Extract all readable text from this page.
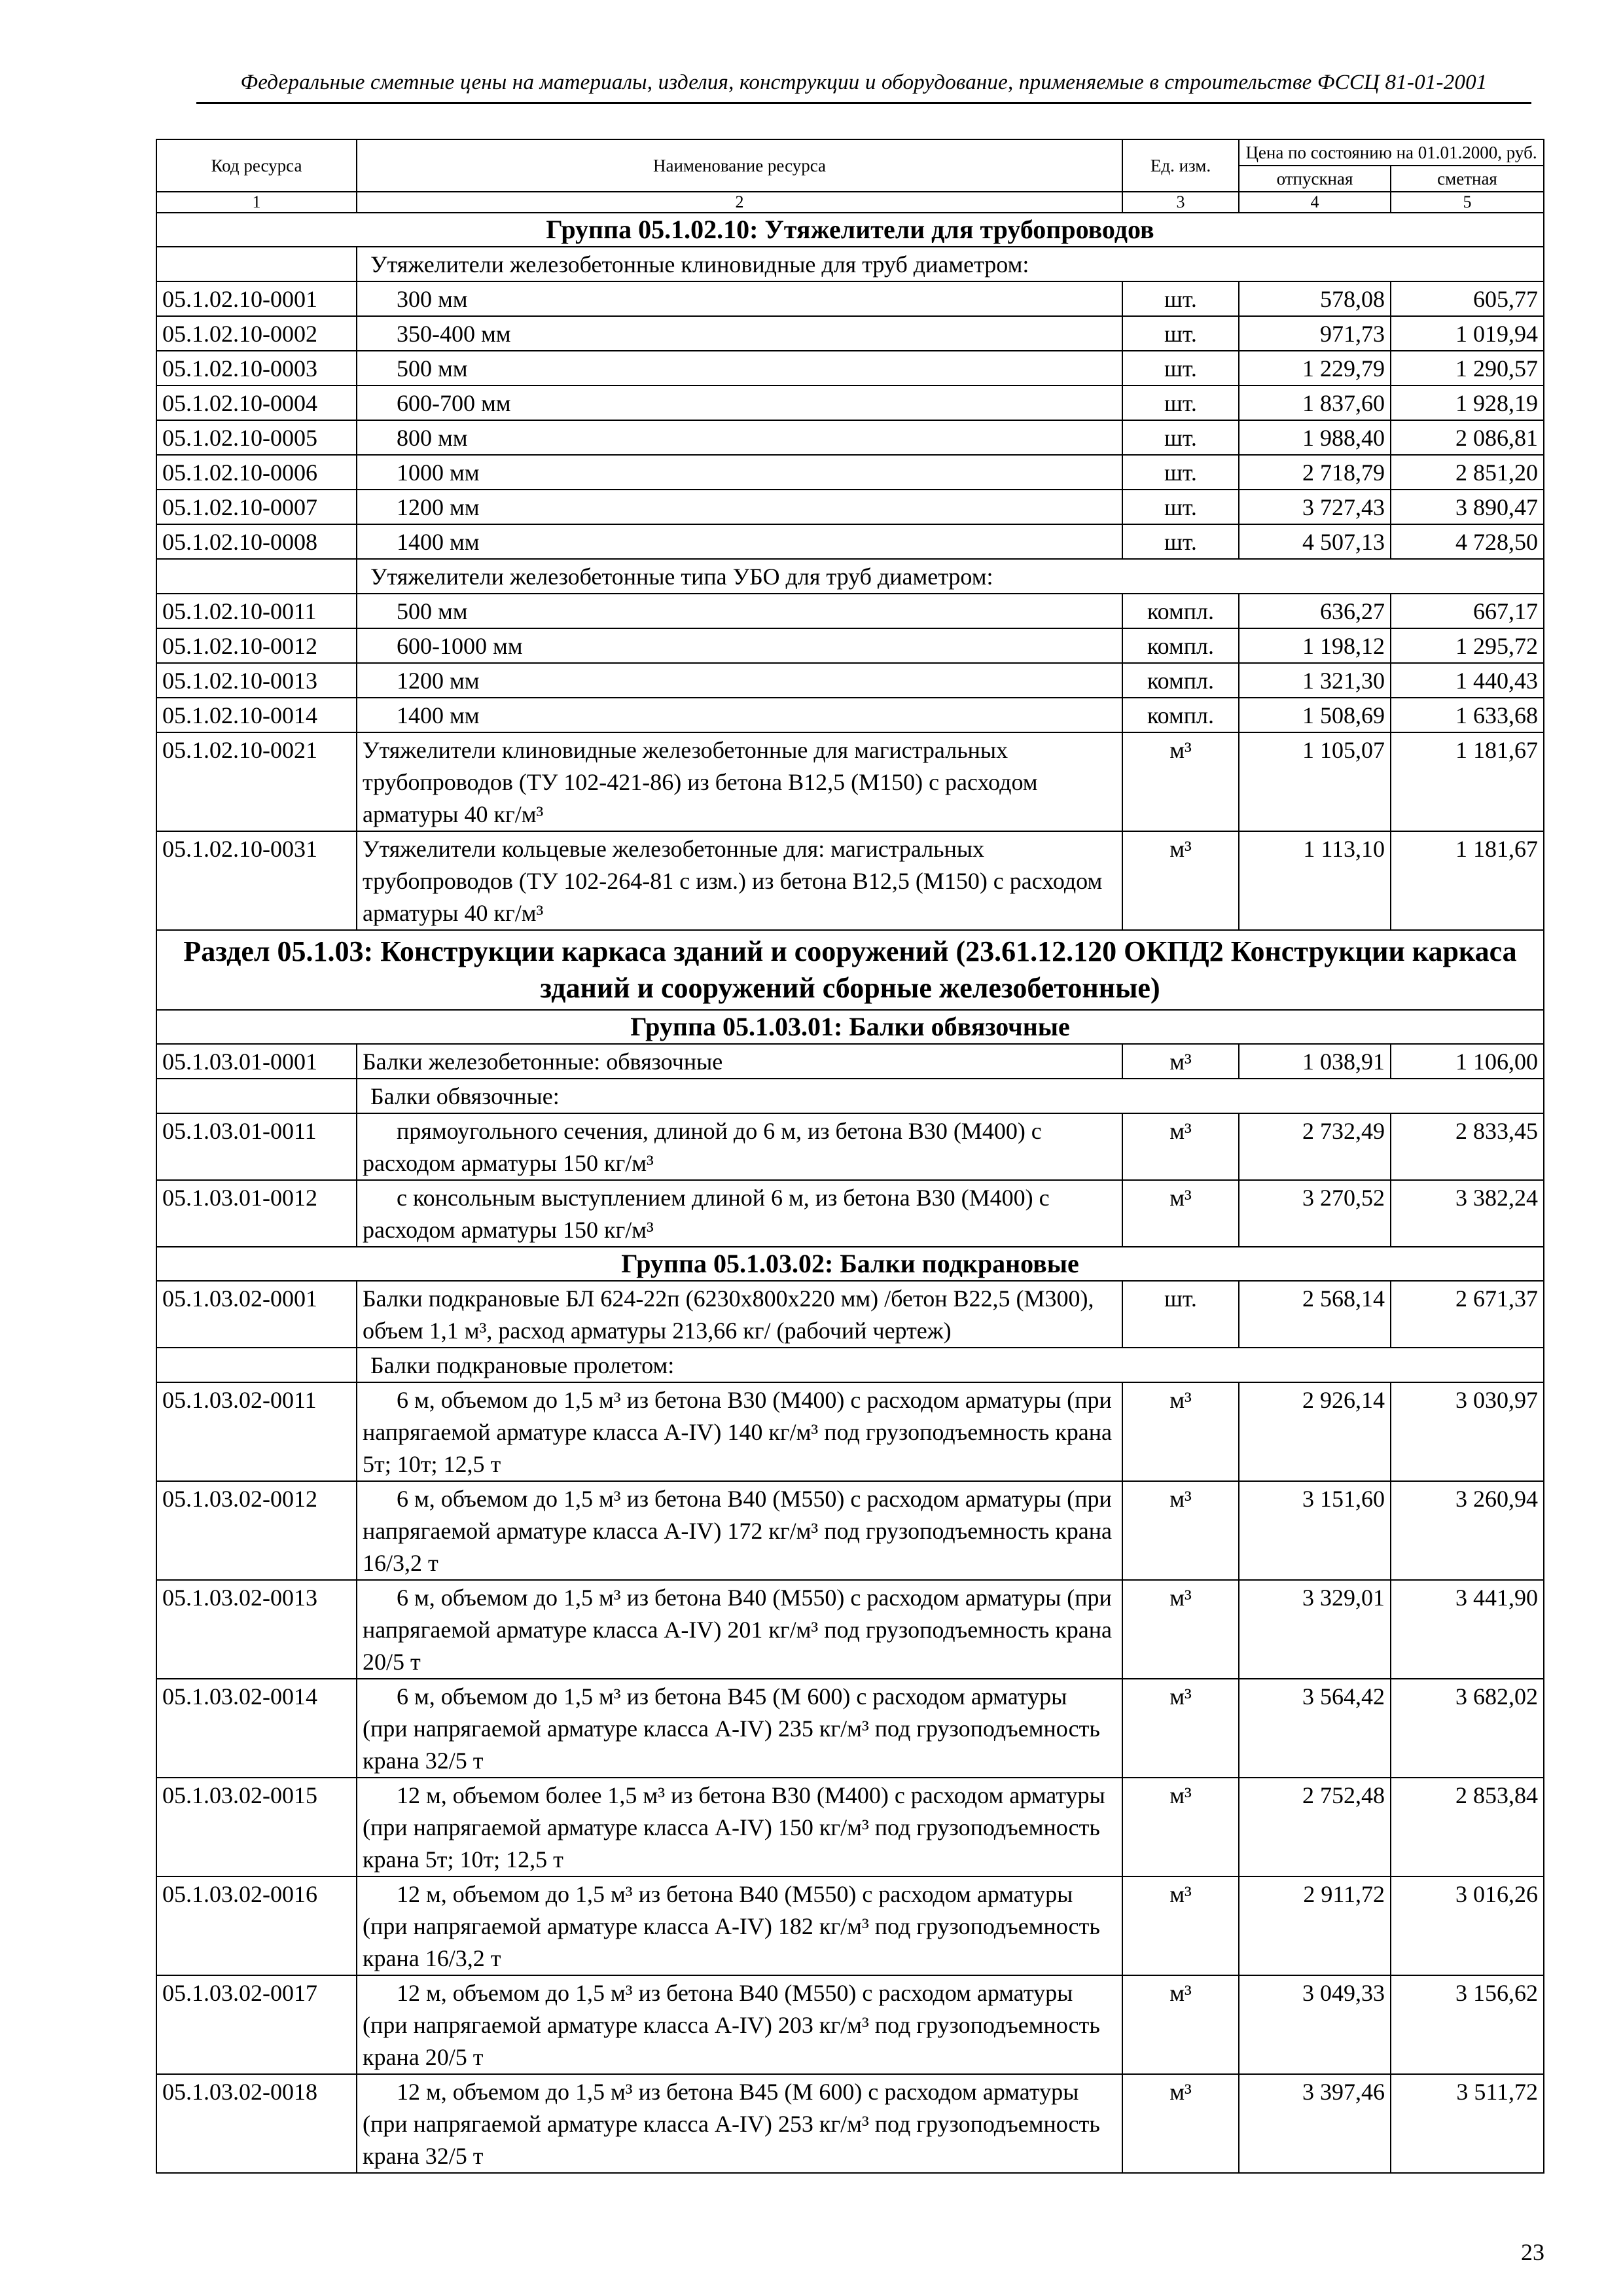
Федеральные сметные цены на материалы, изделия, конструкции и оборудование, применяемые в строительстве ФССЦ 81-01-2001
Код ресурса	Наименование ресурса	Ед. изм.	Цена по состоянию на 01.01.2000, руб.	
			отпускная	сметная
1	2	3	4	5
Группа 05.1.02.10: Утяжелители для трубопроводов				
	Утяжелители железобетонные клиновидные для труб диаметром:			
05.1.02.10-0001	300 мм	шт.	578,08	605,77
05.1.02.10-0002	350-400 мм	шт.	971,73	1 019,94
05.1.02.10-0003	500 мм	шт.	1 229,79	1 290,57
05.1.02.10-0004	600-700 мм	шт.	1 837,60	1 928,19
05.1.02.10-0005	800 мм	шт.	1 988,40	2 086,81
05.1.02.10-0006	1000 мм	шт.	2 718,79	2 851,20
05.1.02.10-0007	1200 мм	шт.	3 727,43	3 890,47
05.1.02.10-0008	1400 мм	шт.	4 507,13	4 728,50
	Утяжелители железобетонные типа УБО для труб диаметром:			
05.1.02.10-0011	500 мм	компл.	636,27	667,17
05.1.02.10-0012	600-1000 мм	компл.	1 198,12	1 295,72
05.1.02.10-0013	1200 мм	компл.	1 321,30	1 440,43
05.1.02.10-0014	1400 мм	компл.	1 508,69	1 633,68
05.1.02.10-0021	Утяжелители клиновидные железобетонные для магистральных трубопроводов (ТУ 102-421-86) из бетона В12,5 (М150) с расходом арматуры 40 кг/м³	м³	1 105,07	1 181,67
05.1.02.10-0031	Утяжелители кольцевые железобетонные для: магистральных трубопроводов (ТУ 102-264-81 с изм.) из бетона В12,5 (М150) с расходом арматуры 40 кг/м³	м³	1 113,10	1 181,67
Раздел 05.1.03: Конструкции каркаса зданий и сооружений (23.61.12.120 ОКПД2 Конструкции каркаса зданий и сооружений сборные железобетонные)				
Группа 05.1.03.01: Балки обвязочные				
05.1.03.01-0001	Балки железобетонные: обвязочные	м³	1 038,91	1 106,00
	Балки обвязочные:			
05.1.03.01-0011	прямоугольного сечения, длиной до 6 м, из бетона В30 (М400) с расходом арматуры 150 кг/м³	м³	2 732,49	2 833,45
05.1.03.01-0012	с консольным выступлением длиной 6 м, из бетона В30 (М400) с расходом арматуры 150 кг/м³	м³	3 270,52	3 382,24
Группа 05.1.03.02: Балки подкрановые				
05.1.03.02-0001	Балки подкрановые БЛ 624-22п (6230х800х220 мм) /бетон В22,5 (М300), объем 1,1 м³, расход арматуры 213,66 кг/ (рабочий чертеж)	шт.	2 568,14	2 671,37
	Балки подкрановые пролетом:			
05.1.03.02-0011	6 м, объемом до 1,5 м³ из бетона В30 (М400) с расходом арматуры (при напрягаемой арматуре класса А-IV) 140 кг/м³ под грузоподъемность крана 5т; 10т; 12,5 т	м³	2 926,14	3 030,97
05.1.03.02-0012	6 м, объемом до 1,5 м³ из бетона В40 (М550) с расходом арматуры (при напрягаемой арматуре класса А-IV) 172 кг/м³ под грузоподъемность крана 16/3,2 т	м³	3 151,60	3 260,94
05.1.03.02-0013	6 м, объемом до 1,5 м³ из бетона В40 (М550) с расходом арматуры (при напрягаемой арматуре класса А-IV) 201 кг/м³ под грузоподъемность крана 20/5 т	м³	3 329,01	3 441,90
05.1.03.02-0014	6 м, объемом до 1,5 м³ из бетона В45 (М 600) с расходом арматуры (при напрягаемой арматуре класса А-IV) 235 кг/м³ под грузоподъемность крана 32/5 т	м³	3 564,42	3 682,02
05.1.03.02-0015	12 м, объемом более 1,5 м³ из бетона В30 (М400) с расходом арматуры (при напрягаемой арматуре класса А-IV) 150 кг/м³ под грузоподъемность крана 5т; 10т; 12,5 т	м³	2 752,48	2 853,84
05.1.03.02-0016	12 м, объемом до 1,5 м³ из бетона В40 (М550) с расходом арматуры (при напрягаемой арматуре класса А-IV) 182 кг/м³ под грузоподъемность крана 16/3,2 т	м³	2 911,72	3 016,26
05.1.03.02-0017	12 м, объемом до 1,5 м³ из бетона В40 (М550) с расходом арматуры (при напрягаемой арматуре класса А-IV) 203 кг/м³ под грузоподъемность крана 20/5 т	м³	3 049,33	3 156,62
05.1.03.02-0018	12 м, объемом до 1,5 м³ из бетона В45 (М 600) с расходом арматуры (при напрягаемой арматуре класса А-IV) 253 кг/м³ под грузоподъемность крана 32/5 т	м³	3 397,46	3 511,72
23
